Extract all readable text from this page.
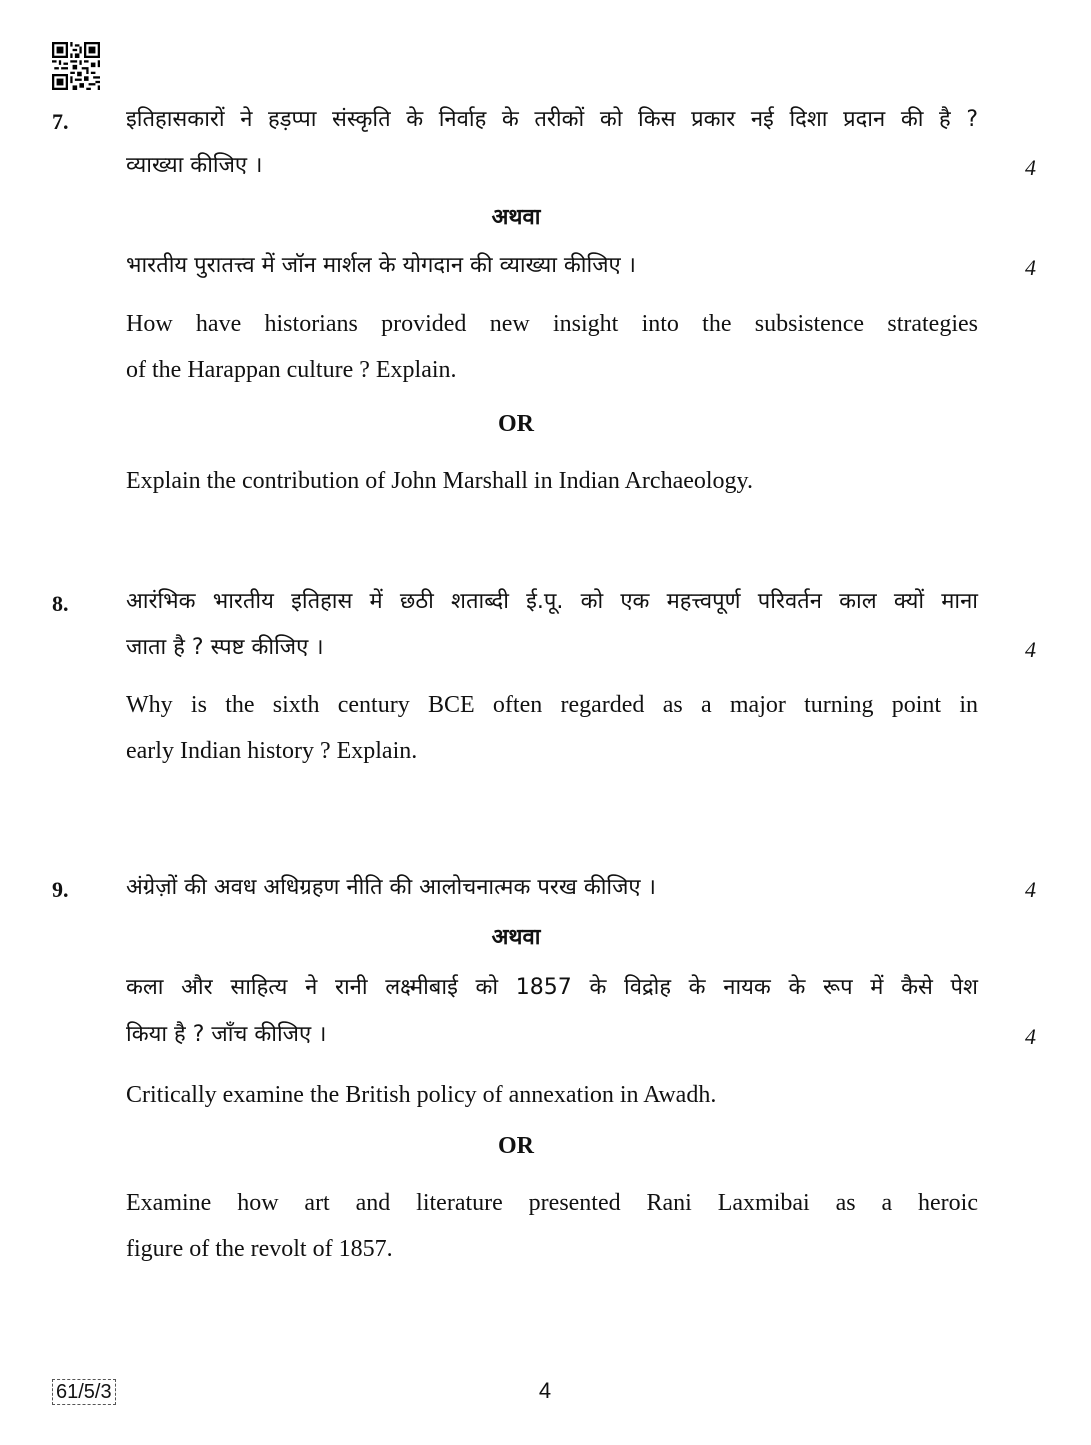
7.	इतिहासकारों ने हड़प्पा संस्कृति के निर्वाह के तरीकों को किस प्रकार नई दिशा प्रदान की है ?
व्याख्या कीजिए ।	4
अथवा
भारतीय पुरातत्त्व में जॉन मार्शल के योगदान की व्याख्या कीजिए ।	4
How have historians provided new insight into the subsistence strategies
of the Harappan culture ? Explain.
OR
Explain the contribution of John Marshall in Indian Archaeology.
8.	आरंभिक भारतीय इतिहास में छठी शताब्दी ई.पू. को एक महत्त्वपूर्ण परिवर्तन काल क्यों माना
जाता है ? स्पष्ट कीजिए ।	4
Why is the sixth century BCE often regarded as a major turning point in
early Indian history ? Explain.
9.	अंग्रेज़ों की अवध अधिग्रहण नीति की आलोचनात्मक परख कीजिए ।	4
अथवा
कला और साहित्य ने रानी लक्ष्मीबाई को 1857 के विद्रोह के नायक के रूप में कैसे पेश
किया है ? जाँच कीजिए ।	4
Critically examine the British policy of annexation in Awadh.
OR
Examine how art and literature presented Rani Laxmibai as a heroic
figure of the revolt of 1857.
61/5/3	4
